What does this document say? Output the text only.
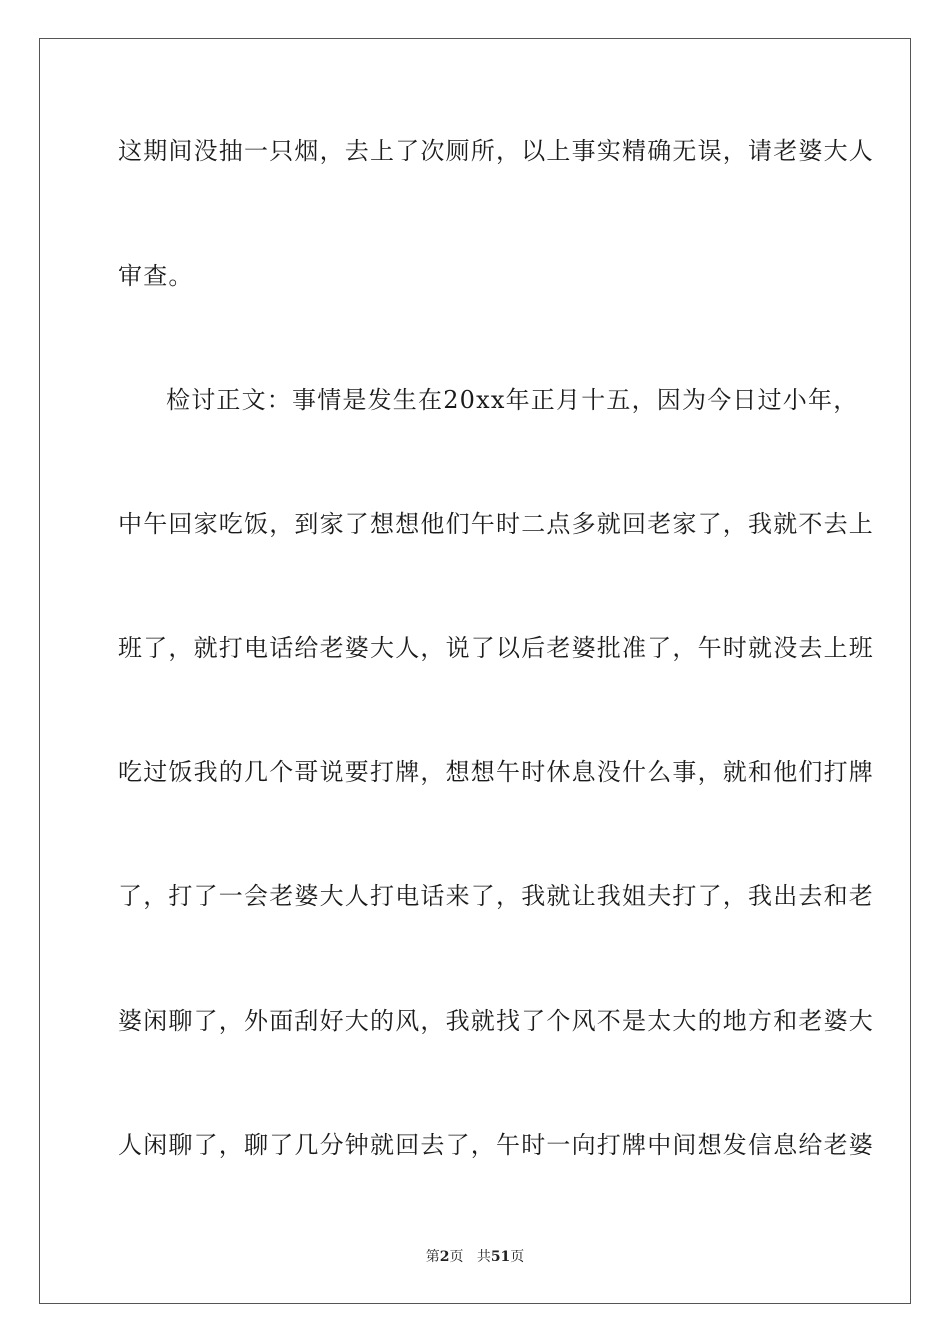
这期间没抽一只烟，去上了次厕所，以上事实精确无误，请老婆大人
审查。
检讨正文：事情是发生在20xx年正月十五，因为今日过小年，
中午回家吃饭，到家了想想他们午时二点多就回老家了，我就不去上
班了，就打电话给老婆大人，说了以后老婆批准了，午时就没去上班
吃过饭我的几个哥说要打牌，想想午时休息没什么事，就和他们打牌
了，打了一会老婆大人打电话来了，我就让我姐夫打了，我出去和老
婆闲聊了，外面刮好大的风，我就找了个风不是太大的地方和老婆大
人闲聊了，聊了几分钟就回去了，午时一向打牌中间想发信息给老婆
第2页 共51页
